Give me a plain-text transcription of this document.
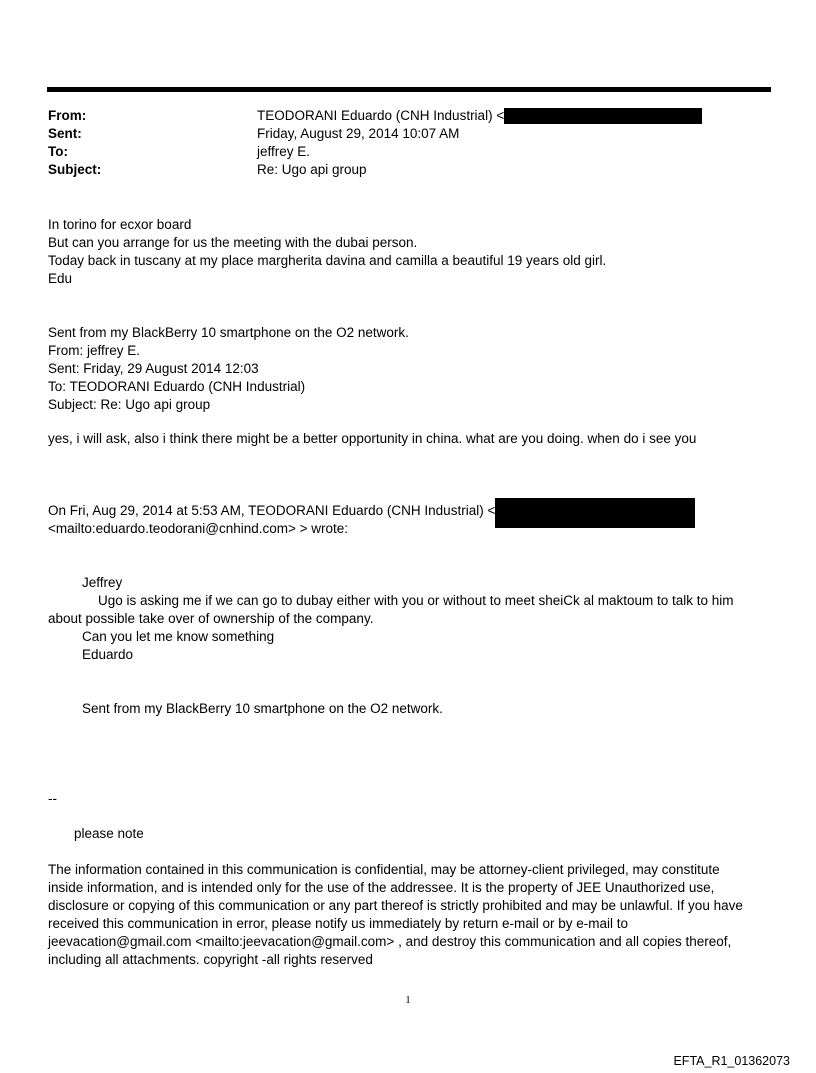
From:	TEODORANI Eduardo (CNH Industrial) <
Sent:	Friday, August 29, 2014 10:07 AM
To:	jeffrey E.
Subject:	Re: Ugo api group
In torino for ecxor board
But can you arrange for us the meeting with the dubai person.
Today back in tuscany at my place margherita davina and camilla a beautiful 19 years old girl.
Edu
Sent from my BlackBerry 10 smartphone on the O2 network.
From: jeffrey E.
Sent: Friday, 29 August 2014 12:03
To: TEODORANI Eduardo (CNH Industrial)
Subject: Re: Ugo api group
yes, i will ask, also i think there might be a better opportunity in china. what are you doing. when do i see you
On Fri, Aug 29, 2014 at 5:53 AM, TEODORANI Eduardo (CNH Industrial) <
<mailto:eduardo.teodorani@cnhind.com> > wrote:
Jeffrey
Ugo is asking me if we can go to dubay either with you or without to meet sheiCk al maktoum to talk to him
about possible take over of ownership of the company.
Can you let me know something
Eduardo
Sent from my BlackBerry 10 smartphone on the O2 network.
--
please note
The information contained in this communication is confidential, may be attorney-client privileged, may constitute
inside information, and is intended only for the use of the addressee. It is the property of JEE Unauthorized use,
disclosure or copying of this communication or any part thereof is strictly prohibited and may be unlawful. If you have
received this communication in error, please notify us immediately by return e-mail or by e-mail to
jeevacation@gmail.com <mailto:jeevacation@gmail.com> , and destroy this communication and all copies thereof,
including all attachments. copyright -all rights reserved
1
EFTA_R1_01362073
